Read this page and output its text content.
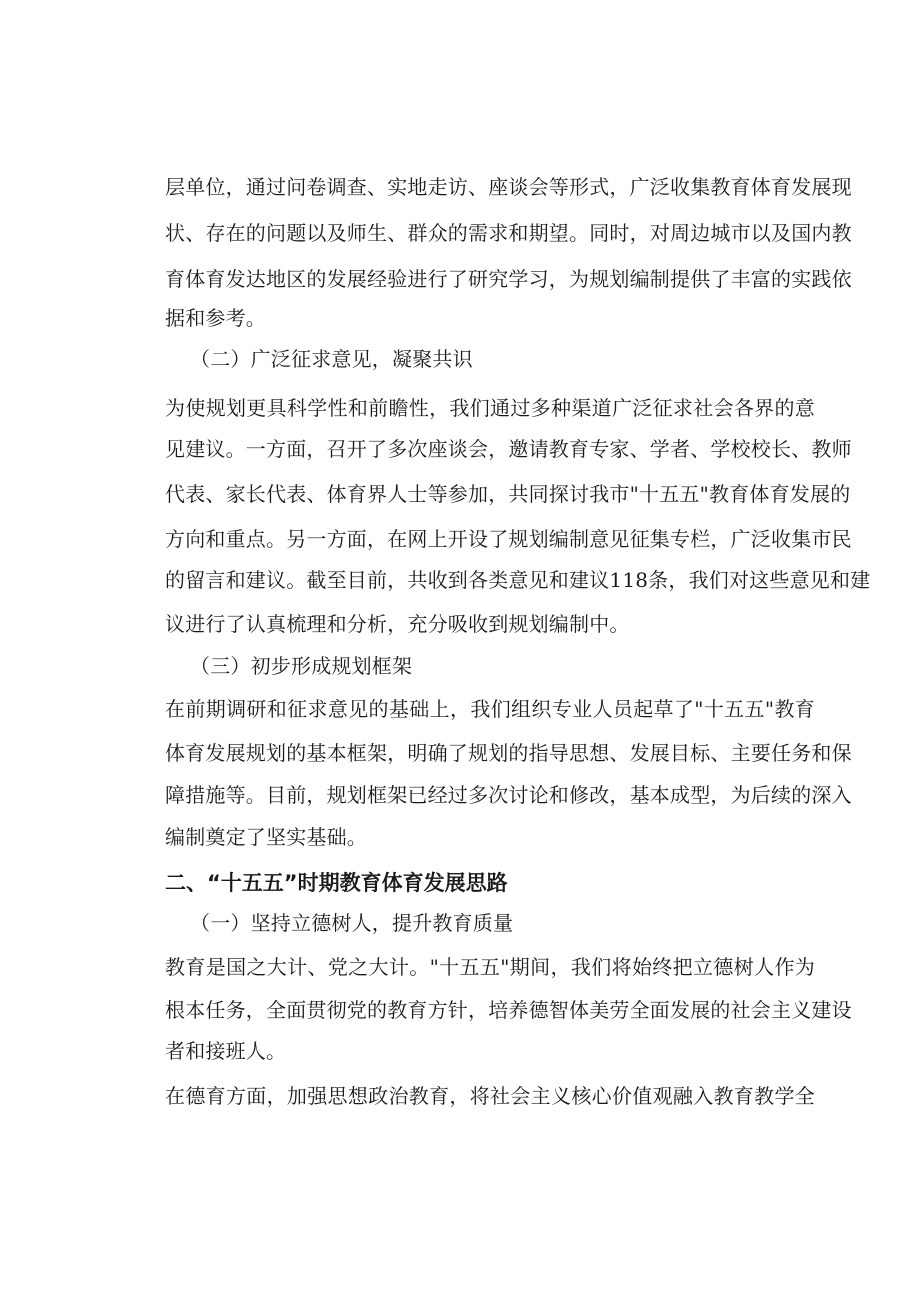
层单位，通过问卷调查、实地走访、座谈会等形式，广泛收集教育体育发展现
状、存在的问题以及师生、群众的需求和期望。同时，对周边城市以及国内教
育体育发达地区的发展经验进行了研究学习，为规划编制提供了丰富的实践依
据和参考。
（二）广泛征求意见，凝聚共识
为使规划更具科学性和前瞻性，我们通过多种渠道广泛征求社会各界的意
见建议。一方面，召开了多次座谈会，邀请教育专家、学者、学校校长、教师
代表、家长代表、体育界人士等参加，共同探讨我市"十五五"教育体育发展的
方向和重点。另一方面，在网上开设了规划编制意见征集专栏，广泛收集市民
的留言和建议。截至目前，共收到各类意见和建议118条，我们对这些意见和建
议进行了认真梳理和分析，充分吸收到规划编制中。
（三）初步形成规划框架
在前期调研和征求意见的基础上，我们组织专业人员起草了"十五五"教育
体育发展规划的基本框架，明确了规划的指导思想、发展目标、主要任务和保
障措施等。目前，规划框架已经过多次讨论和修改，基本成型，为后续的深入
编制奠定了坚实基础。
二、“十五五”时期教育体育发展思路
（一）坚持立德树人，提升教育质量
教育是国之大计、党之大计。"十五五"期间，我们将始终把立德树人作为
根本任务，全面贯彻党的教育方针，培养德智体美劳全面发展的社会主义建设
者和接班人。
在德育方面，加强思想政治教育，将社会主义核心价值观融入教育教学全
